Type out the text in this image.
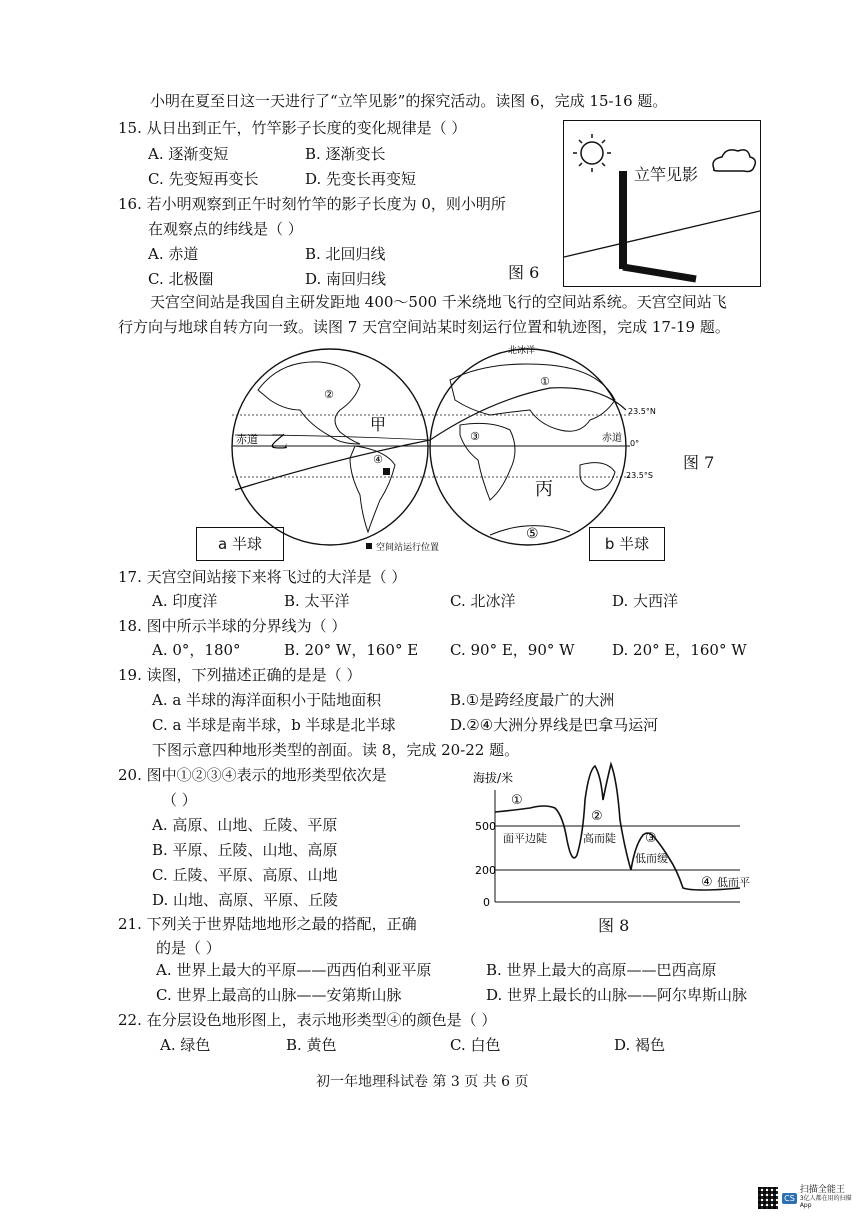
小明在夏至日这一天进行了“立竿见影”的探究活动。读图 6，完成 15-16 题。
15. 从日出到正午，竹竿影子长度的变化规律是（ ）
A. 逐渐变短	B. 逐渐变长
C. 先变短再变长	D. 先变长再变短
16. 若小明观察到正午时刻竹竿的影子长度为 0，则小明所
在观察点的纬线是（ ）
A. 赤道	B. 北回归线
C. 北极圈	D. 南回归线
立竿见影
图 6
天宫空间站是我国自主研发距地 400～500 千米绕地飞行的空间站系统。天宫空间站飞
行方向与地球自转方向一致。读图 7 天宫空间站某时刻运行位置和轨迹图，完成 17-19 题。
北冰洋
赤道	赤道
23.5°N
0°
23.5°S
甲
乙
丙
②
④
①
③
⑤
空间站运行位置
a 半球	b 半球
图 7
17. 天宫空间站接下来将飞过的大洋是（ ）
A. 印度洋	B. 太平洋	C. 北冰洋	D. 大西洋
18. 图中所示半球的分界线为（ ）
A. 0°，180°	B. 20° W，160° E C. 90° E，90° W D. 20° E，160° W
19. 读图，下列描述正确的是是（ ）
A. a 半球的海洋面积小于陆地面积	B.①是跨经度最广的大洲
C. a 半球是南半球，b 半球是北半球	D.②④大洲分界线是巴拿马运河
下图示意四种地形类型的剖面。读 8，完成 20-22 题。
20. 图中①②③④表示的地形类型依次是
（ ）
A. 高原、山地、丘陵、平原
B. 平原、丘陵、山地、高原
C. 丘陵、平原、高原、山地
D. 山地、高原、平原、丘陵
海拔/米
500
200
0
①
②
③
④
面平边陡	高而陡
低而缓
低而平
图 8
21. 下列关于世界陆地地形之最的搭配，正确
的是（ ）
A. 世界上最大的平原——西西伯利亚平原	B. 世界上最大的高原——巴西高原
C. 世界上最高的山脉——安第斯山脉	D. 世界上最长的山脉——阿尔卑斯山脉
22. 在分层设色地形图上，表示地形类型④的颜色是（ ）
A. 绿色	B. 黄色	C. 白色	D. 褐色
初一年地理科试卷 第 3 页 共 6 页
CS
扫描全能王
3亿人都在用的扫描App
